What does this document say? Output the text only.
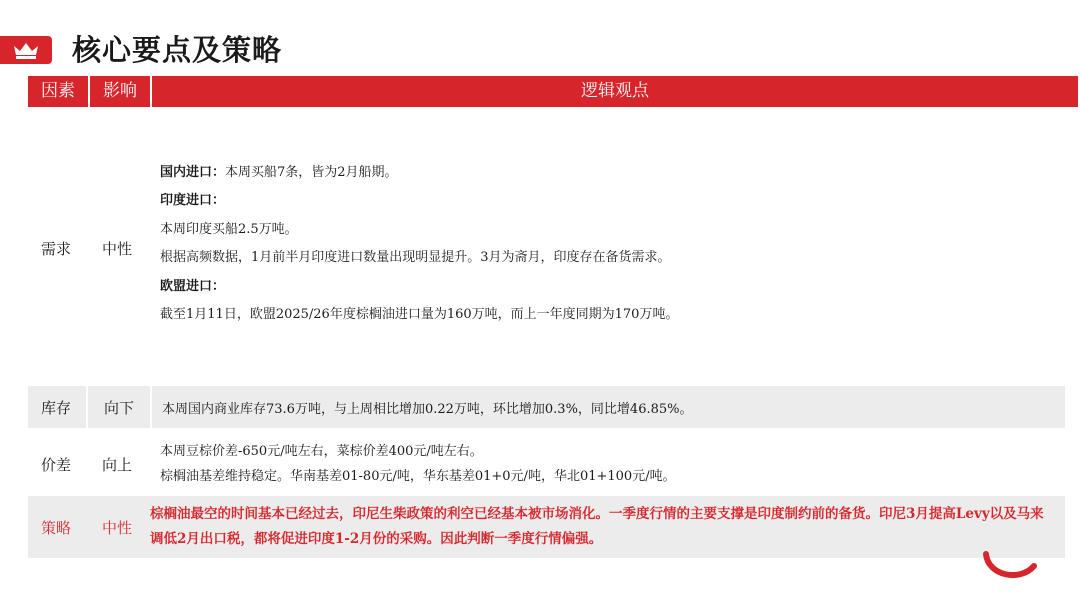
核心要点及策略
因素	影响	逻辑观点
需求 中性
国内进口：本周买船7条，皆为2月船期。
印度进口：
本周印度买船2.5万吨。
根据高频数据，1月前半月印度进口数量出现明显提升。3月为斋月，印度存在备货需求。
欧盟进口：
截至1月11日，欧盟2025/26年度棕榈油进口量为160万吨，而上一年度同期为170万吨。
库存 向下 本周国内商业库存73.6万吨，与上周相比增加0.22万吨，环比增加0.3%，同比增46.85%。
价差 向上
本周豆棕价差-650元/吨左右，菜棕价差400元/吨左右。
棕榈油基差维持稳定。华南基差01-80元/吨，华东基差01+0元/吨，华北01+100元/吨。
策略 中性
棕榈油最空的时间基本已经过去，印尼生柴政策的利空已经基本被市场消化。一季度行情的主要支撑是印度制约前的备货。印尼3月提高Levy以及马来调低2月出口税，都将促进印度1-2月份的采购。因此判断一季度行情偏强。
